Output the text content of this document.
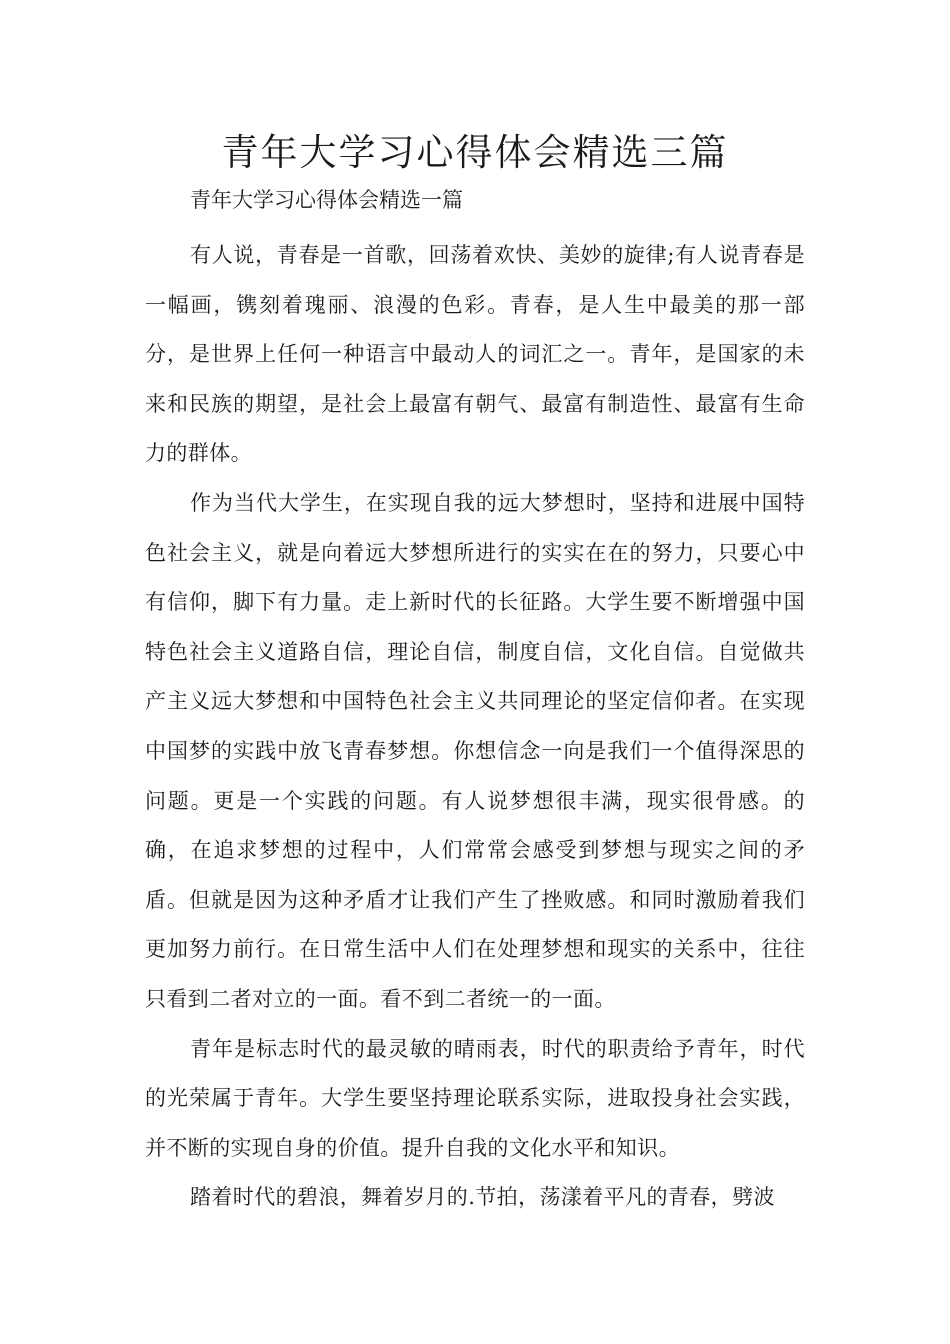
青年大学习心得体会精选三篇

青年大学习心得体会精选一篇

有人说，青春是一首歌，回荡着欢快、美妙的旋律;有人说青春是一幅画，镌刻着瑰丽、浪漫的色彩。青春，是人生中最美的那一部分，是世界上任何一种语言中最动人的词汇之一。青年，是国家的未来和民族的期望，是社会上最富有朝气、最富有制造性、最富有生命力的群体。

作为当代大学生，在实现自我的远大梦想时，坚持和进展中国特色社会主义，就是向着远大梦想所进行的实实在在的努力，只要心中有信仰，脚下有力量。走上新时代的长征路。大学生要不断增强中国特色社会主义道路自信，理论自信，制度自信，文化自信。自觉做共产主义远大梦想和中国特色社会主义共同理论的坚定信仰者。在实现中国梦的实践中放飞青春梦想。你想信念一向是我们一个值得深思的问题。更是一个实践的问题。有人说梦想很丰满，现实很骨感。的确，在追求梦想的过程中，人们常常会感受到梦想与现实之间的矛盾。但就是因为这种矛盾才让我们产生了挫败感。和同时激励着我们更加努力前行。在日常生活中人们在处理梦想和现实的关系中，往往只看到二者对立的一面。看不到二者统一的一面。

青年是标志时代的最灵敏的晴雨表，时代的职责给予青年，时代的光荣属于青年。大学生要坚持理论联系实际，进取投身社会实践，并不断的实现自身的价值。提升自我的文化水平和知识。

踏着时代的碧浪，舞着岁月的.节拍，荡漾着平凡的青春，劈波
